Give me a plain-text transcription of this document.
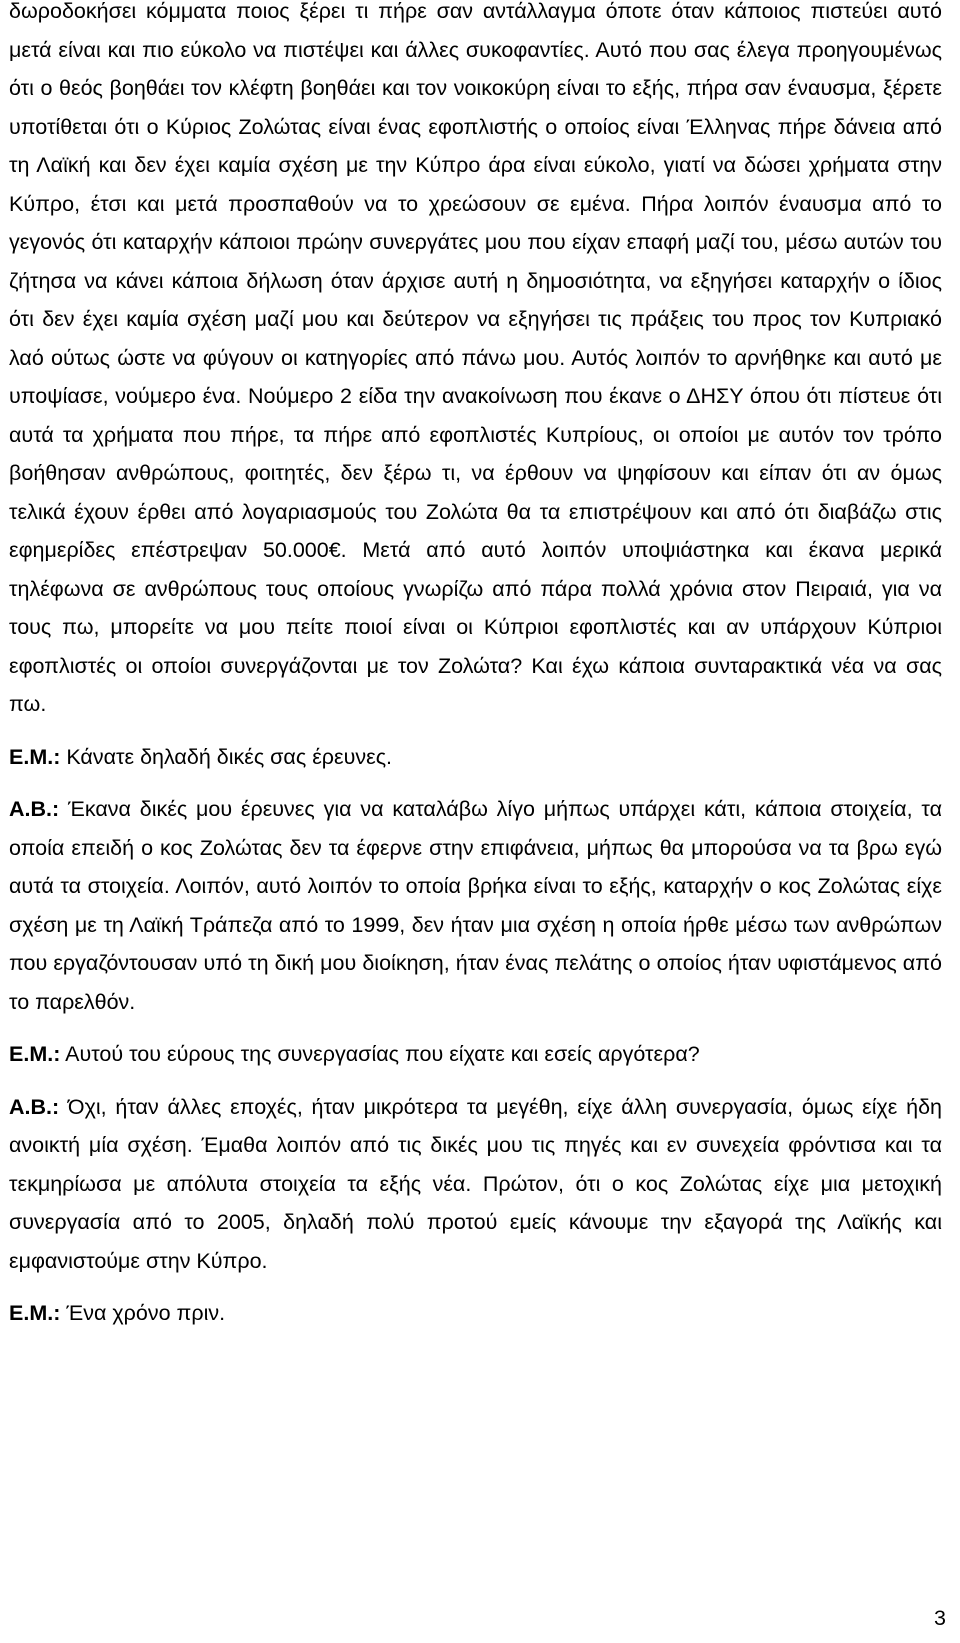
δωροδοκήσει κόμματα ποιος ξέρει τι πήρε σαν αντάλλαγμα όποτε όταν κάποιος πιστεύει αυτό μετά είναι και πιο εύκολο να πιστέψει και άλλες συκοφαντίες. Αυτό που σας έλεγα προηγουμένως ότι ο θεός βοηθάει τον κλέφτη βοηθάει και τον νοικοκύρη είναι το εξής, πήρα σαν έναυσμα, ξέρετε υποτίθεται ότι ο Κύριος Ζολώτας είναι ένας εφοπλιστής ο οποίος είναι Έλληνας πήρε δάνεια από τη Λαϊκή και δεν έχει καμία σχέση με την Κύπρο άρα είναι εύκολο, γιατί να δώσει χρήματα στην Κύπρο, έτσι και μετά προσπαθούν να το χρεώσουν σε εμένα. Πήρα λοιπόν έναυσμα από το γεγονός ότι καταρχήν κάποιοι πρώην συνεργάτες μου που είχαν επαφή μαζί του, μέσω αυτών του ζήτησα να κάνει κάποια δήλωση όταν άρχισε αυτή η δημοσιότητα, να εξηγήσει καταρχήν ο ίδιος ότι δεν έχει καμία σχέση μαζί μου και δεύτερον να εξηγήσει τις πράξεις του προς τον Κυπριακό λαό ούτως ώστε να φύγουν οι κατηγορίες από πάνω μου. Αυτός λοιπόν το αρνήθηκε και αυτό με υποψίασε, νούμερο ένα. Νούμερο 2 είδα την ανακοίνωση που έκανε ο ΔΗΣΥ όπου ότι πίστευε ότι αυτά τα χρήματα που πήρε, τα πήρε από εφοπλιστές Κυπρίους, οι οποίοι με αυτόν τον τρόπο βοήθησαν ανθρώπους, φοιτητές, δεν ξέρω τι, να έρθουν να ψηφίσουν και είπαν ότι αν όμως τελικά έχουν έρθει από λογαριασμούς του Ζολώτα θα τα επιστρέψουν και από ότι διαβάζω στις εφημερίδες επέστρεψαν 50.000€. Μετά από αυτό λοιπόν υποψιάστηκα και έκανα μερικά τηλέφωνα σε ανθρώπους τους οποίους γνωρίζω από πάρα πολλά χρόνια στον Πειραιά, για να τους πω, μπορείτε να μου πείτε ποιοί είναι οι Κύπριοι εφοπλιστές και αν υπάρχουν Κύπριοι εφοπλιστές οι οποίοι συνεργάζονται με τον Ζολώτα? Και έχω κάποια συνταρακτικά νέα να σας πω.

Ε.Μ.: Κάνατε δηλαδή δικές σας έρευνες.

Α.Β.: Έκανα δικές μου έρευνες για να καταλάβω λίγο μήπως υπάρχει κάτι, κάποια στοιχεία, τα οποία επειδή ο κος Ζολώτας δεν τα έφερνε στην επιφάνεια, μήπως θα μπορούσα να τα βρω εγώ αυτά τα στοιχεία. Λοιπόν, αυτό λοιπόν το οποία βρήκα είναι το εξής, καταρχήν ο κος Ζολώτας είχε σχέση με τη Λαϊκή Τράπεζα από το 1999, δεν ήταν μια σχέση η οποία ήρθε μέσω των ανθρώπων που εργαζόντουσαν υπό τη δική μου διοίκηση, ήταν ένας πελάτης ο οποίος ήταν υφιστάμενος από το παρελθόν.

Ε.Μ.: Αυτού του εύρους της συνεργασίας που είχατε και εσείς αργότερα?

Α.Β.: Όχι, ήταν άλλες εποχές, ήταν μικρότερα τα μεγέθη, είχε άλλη συνεργασία, όμως είχε ήδη ανοικτή μία σχέση. Έμαθα λοιπόν από τις δικές μου τις πηγές και εν συνεχεία φρόντισα και τα τεκμηρίωσα με απόλυτα στοιχεία τα εξής νέα. Πρώτον, ότι ο κος Ζολώτας είχε μια μετοχική συνεργασία από το 2005, δηλαδή πολύ προτού εμείς κάνουμε την εξαγορά της Λαϊκής και εμφανιστούμε στην Κύπρο.

Ε.Μ.: Ένα χρόνο πριν.

3
